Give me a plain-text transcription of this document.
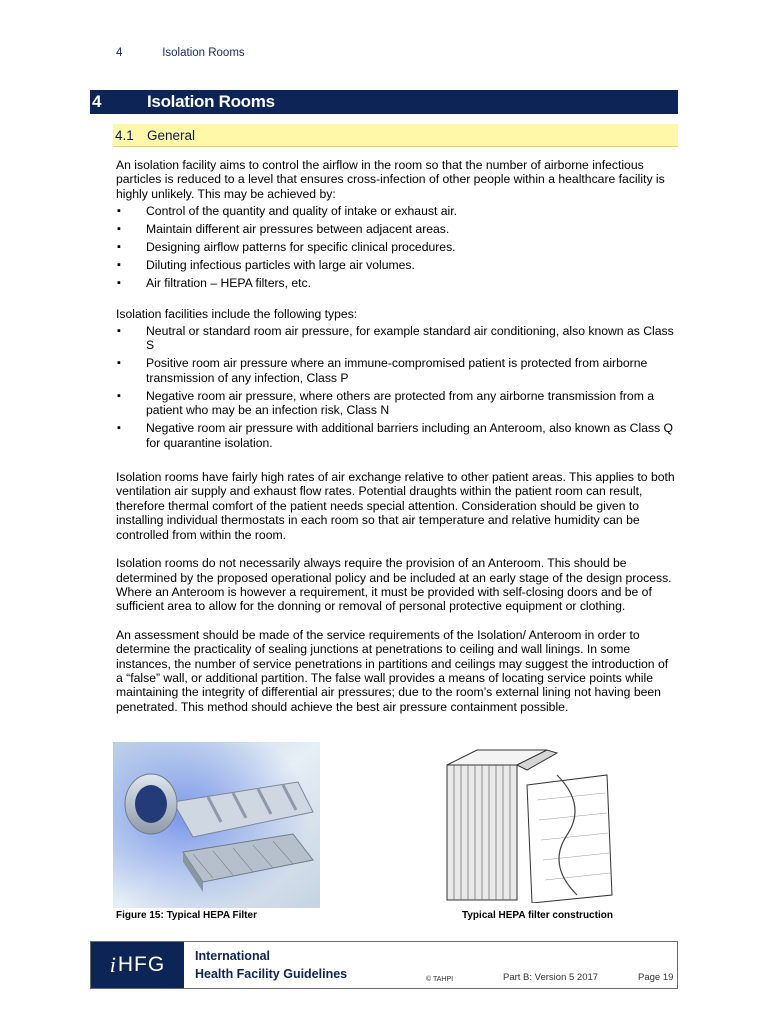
4	Isolation Rooms
4	Isolation Rooms
4.1 General

An isolation facility aims to control the airflow in the room so that the number of airborne infectious particles is reduced to a level that ensures cross-infection of other people within a healthcare facility is highly unlikely. This may be achieved by:

▪ Control of the quantity and quality of intake or exhaust air.
▪ Maintain different air pressures between adjacent areas.
▪ Designing airflow patterns for specific clinical procedures.
▪ Diluting infectious particles with large air volumes.
▪ Air filtration – HEPA filters, etc.

Isolation facilities include the following types:

▪ Neutral or standard room air pressure, for example standard air conditioning, also known as Class S
▪ Positive room air pressure where an immune-compromised patient is protected from airborne transmission of any infection, Class P
▪ Negative room air pressure, where others are protected from any airborne transmission from a patient who may be an infection risk, Class N
▪ Negative room air pressure with additional barriers including an Anteroom, also known as Class Q for quarantine isolation.

Isolation rooms have fairly high rates of air exchange relative to other patient areas. This applies to both ventilation air supply and exhaust flow rates. Potential draughts within the patient room can result, therefore thermal comfort of the patient needs special attention. Consideration should be given to installing individual thermostats in each room so that air temperature and relative humidity can be controlled from within the room.

Isolation rooms do not necessarily always require the provision of an Anteroom. This should be determined by the proposed operational policy and be included at an early stage of the design process. Where an Anteroom is however a requirement, it must be provided with self-closing doors and be of sufficient area to allow for the donning or removal of personal protective equipment or clothing.

An assessment should be made of the service requirements of the Isolation/ Anteroom in order to determine the practicality of sealing junctions at penetrations to ceiling and wall linings. In some instances, the number of service penetrations in partitions and ceilings may suggest the introduction of a “false” wall, or additional partition. The false wall provides a means of locating service points while maintaining the integrity of differential air pressures; due to the room’s external lining not having been penetrated. This method should achieve the best air pressure containment possible.

Figure 15: Typical HEPA Filter	Typical HEPA filter construction
i HFG International
Health Facility Guidelines	© TAHPI	Part B: Version 5 2017	Page 19
